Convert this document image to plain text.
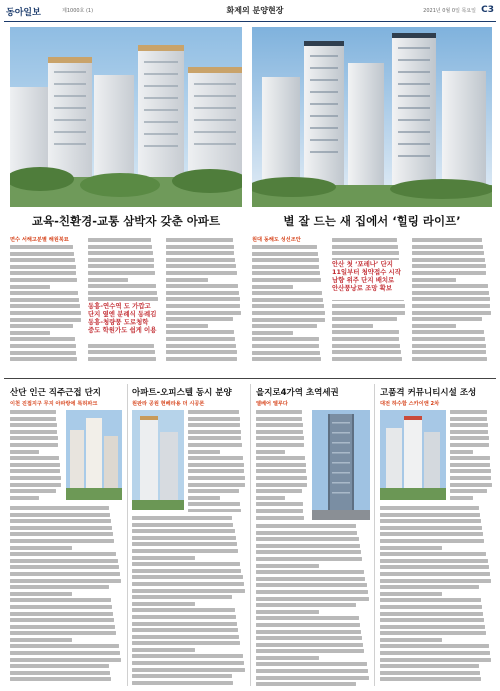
동아일보	제1000호 (1)	화제의 분양현장	2021년 0월 0일 목요일 C3
교육-친환경-교통 삼박자 갖춘 아파트	별 잘 드는 새 집에서 ‘힐링 라이프’
면수 서해고분별 해원북묘	원대 동해도 성선조안
동흥-연수역 도 가깝고
단지 옆엔 분례식 동례김
동흥-청량풍 도로청학
중도 학원가도 쉽게 이용
안산 첫 ‘포레나’ 단지
11일부터 청약접수 시작
남향 위주 단지 배치로
안산풍낭로 조망 확보
산단 인근 직주근접 단지
이천 진접지구 무지 아파랑에 특허파크
아파트-오피스텔 동시 분양
원판라 공원 현베라용 더 시공론
을지로4가역 초역세권
엘베어 엘루다
고품격 커뮤니티시설 조성
대전 하수함 스카이앤 2차
